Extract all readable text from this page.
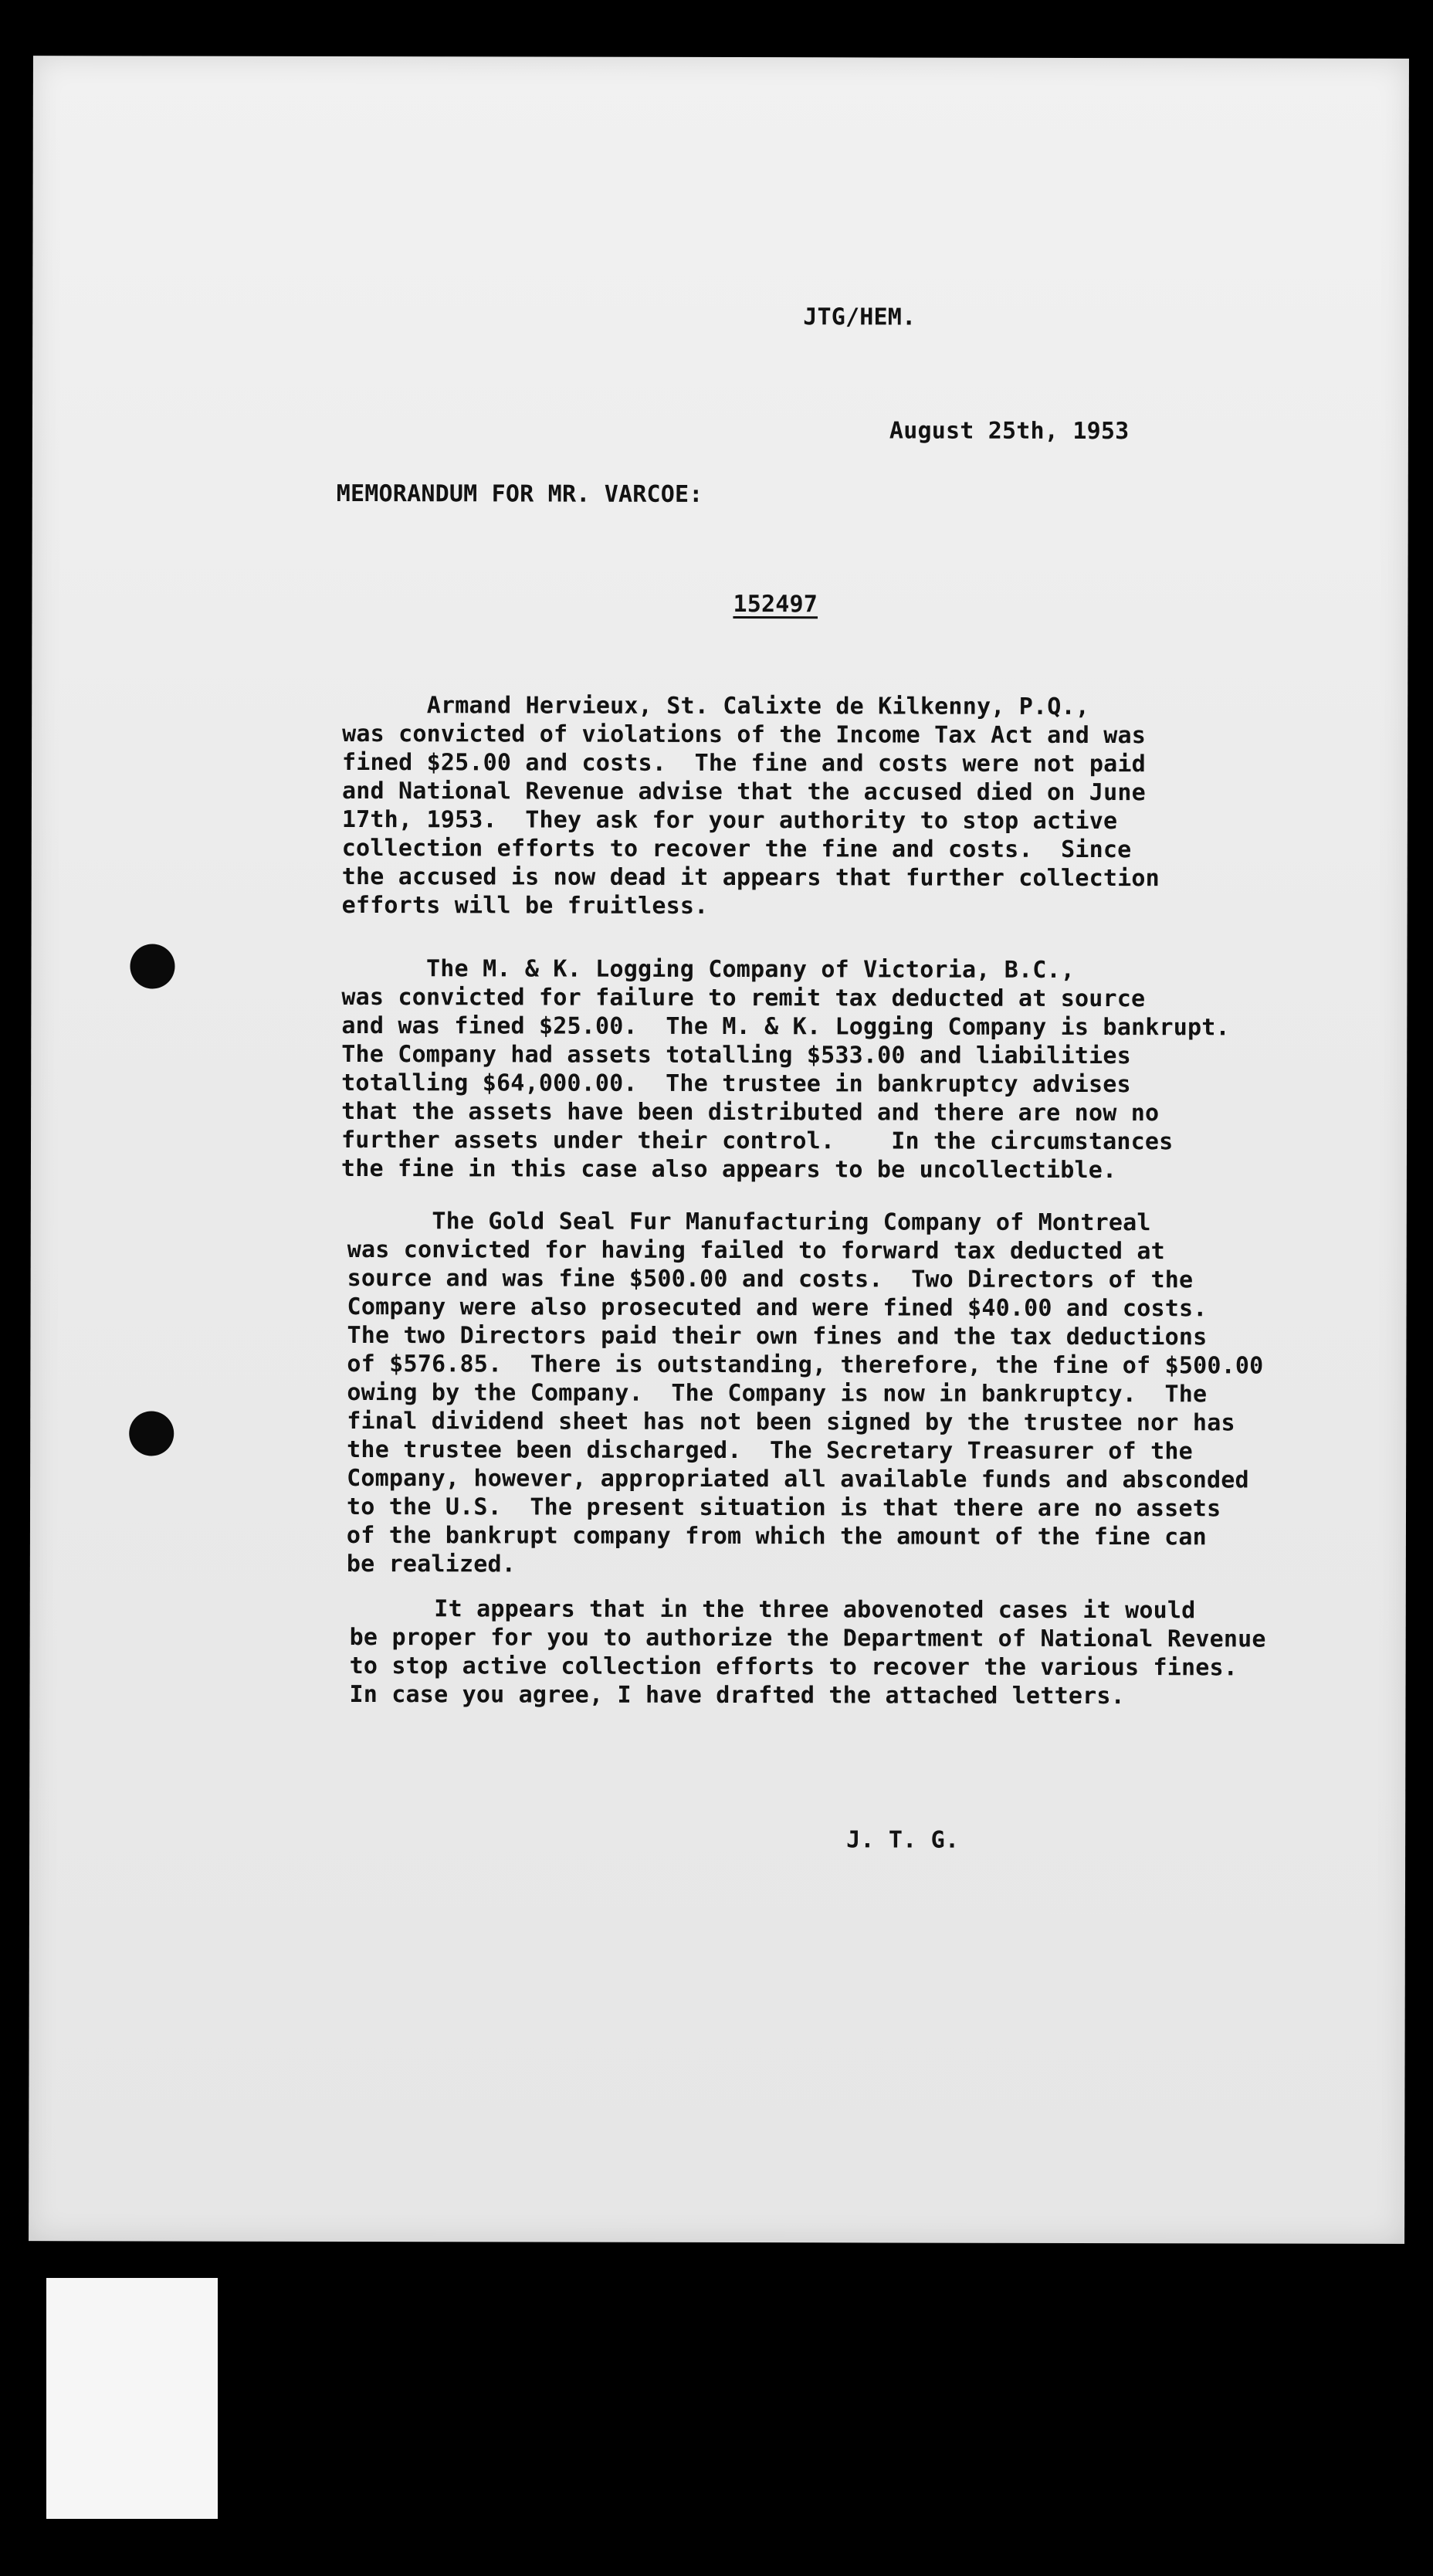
JTG/HEM.
August 25th, 1953
MEMORANDUM FOR MR. VARCOE:
152497
Armand Hervieux, St. Calixte de Kilkenny, P.Q.,
was convicted of violations of the Income Tax Act and was
fined $25.00 and costs.  The fine and costs were not paid
and National Revenue advise that the accused died on June
17th, 1953.  They ask for your authority to stop active
collection efforts to recover the fine and costs.  Since
the accused is now dead it appears that further collection
efforts will be fruitless.
The M. & K. Logging Company of Victoria, B.C.,
was convicted for failure to remit tax deducted at source
and was fined $25.00.  The M. & K. Logging Company is bankrupt.
The Company had assets totalling $533.00 and liabilities
totalling $64,000.00.  The trustee in bankruptcy advises
that the assets have been distributed and there are now no
further assets under their control.    In the circumstances
the fine in this case also appears to be uncollectible.
The Gold Seal Fur Manufacturing Company of Montreal
was convicted for having failed to forward tax deducted at
source and was fine $500.00 and costs.  Two Directors of the
Company were also prosecuted and were fined $40.00 and costs.
The two Directors paid their own fines and the tax deductions
of $576.85.  There is outstanding, therefore, the fine of $500.00
owing by the Company.  The Company is now in bankruptcy.  The
final dividend sheet has not been signed by the trustee nor has
the trustee been discharged.  The Secretary Treasurer of the
Company, however, appropriated all available funds and absconded
to the U.S.  The present situation is that there are no assets
of the bankrupt company from which the amount of the fine can
be realized.
It appears that in the three abovenoted cases it would
be proper for you to authorize the Department of National Revenue
to stop active collection efforts to recover the various fines.
In case you agree, I have drafted the attached letters.
J. T. G.
